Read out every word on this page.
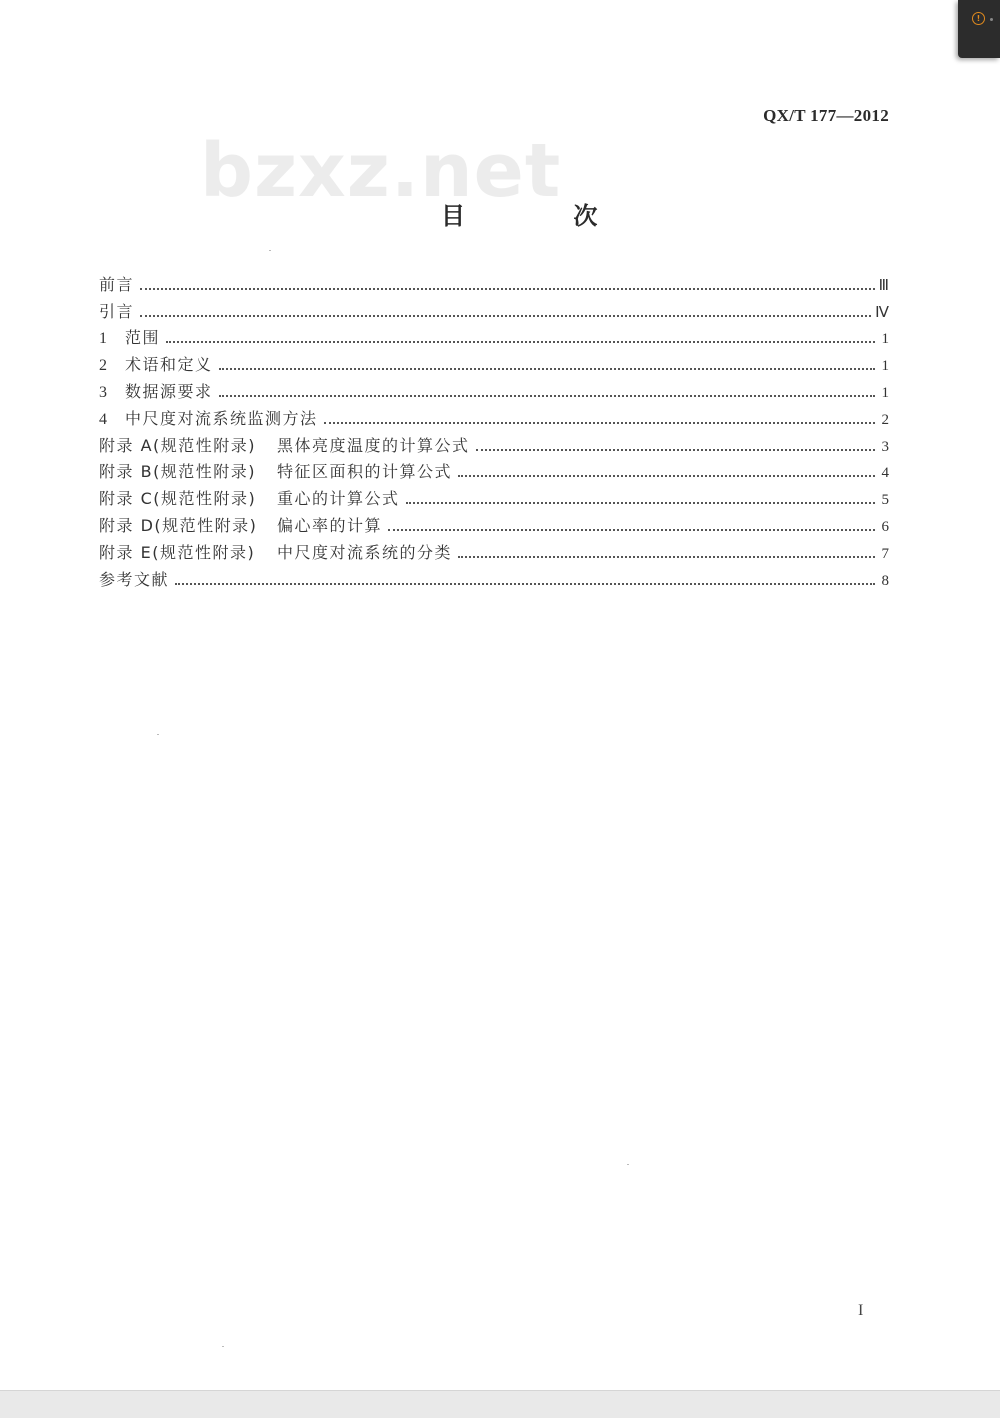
!
QX/T 177—2012
bzxz.net
目 次
前言	Ⅲ
引言	Ⅳ
1 范围	1
2 术语和定义	1
3 数据源要求	1
4 中尺度对流系统监测方法	2
附录 A(规范性附录) 黑体亮度温度的计算公式	3
附录 B(规范性附录) 特征区面积的计算公式	4
附录 C(规范性附录) 重心的计算公式	5
附录 D(规范性附录) 偏心率的计算	6
附录 E(规范性附录) 中尺度对流系统的分类	7
参考文献	8
I
